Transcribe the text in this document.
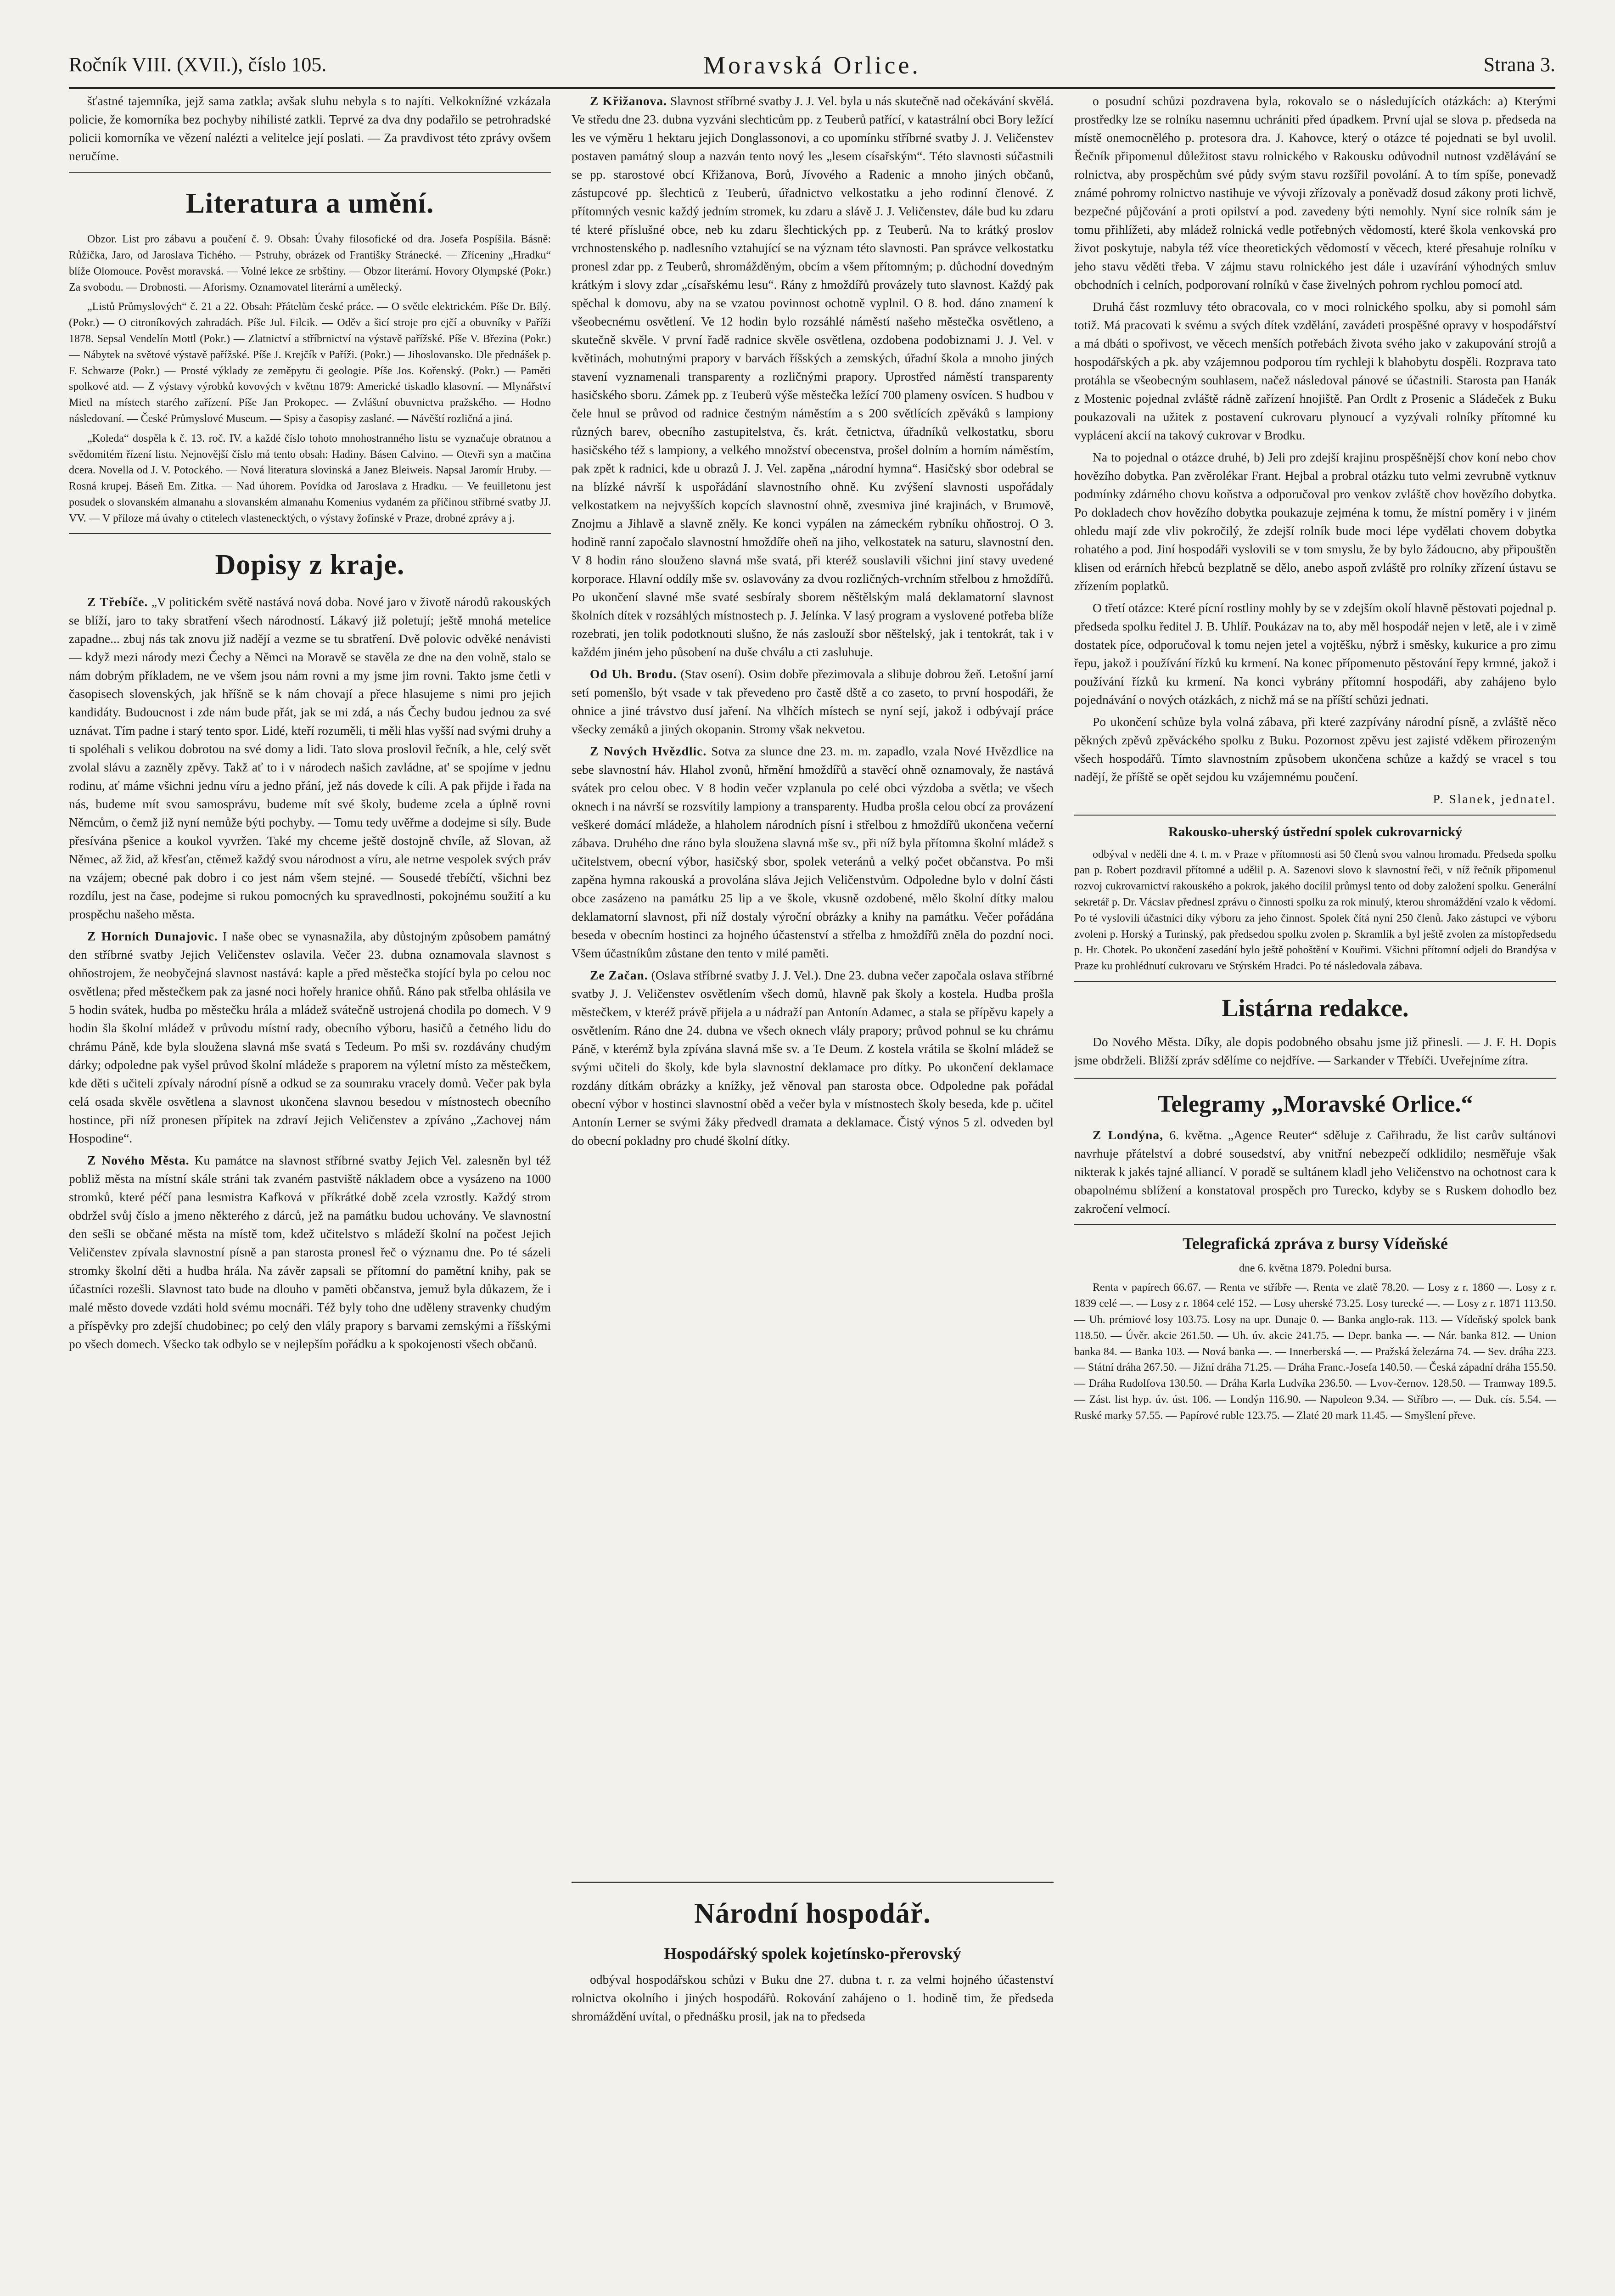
Ročník VIII. (XVII.), číslo 105.	Moravská Orlice.	Strana 3.

šťastné tajemníka, jejž sama zatkla; avšak sluhu nebyla s to najíti. Velkoknížné vzkázala policie, že komorníka bez pochyby nihilisté zatkli. Teprvé za dva dny podařilo se petrohradské policii komorníka ve vězení nalézti a velitelce její poslati. — Za pravdivost této zprávy ovšem neručíme.

Literatura a umění.

Obzor. List pro zábavu a poučení č. 9. Obsah: Úvahy filosofické od dra. Josefa Pospíšila. Básně: Růžička, Jaro, od Jaroslava Tichého. — Pstruhy, obrázek od Františky Stránecké. — Zříceniny „Hradku“ blíže Olomouce. Pověst moravská. — Volné lekce ze srbštiny. — Obzor literární. Hovory Olympské (Pokr.) Za svobodu. — Drobnosti. — Aforismy. Oznamovatel literární a umělecký.

„Listů Průmyslových“ č. 21 a 22. Obsah: Přátelům české práce. — O světle elektrickém. Píše Dr. Bílý. (Pokr.) — O citroníkových zahradách. Píše Jul. Filcik. — Oděv a šicí stroje pro ejčí a obuvníky v Paříži 1878. Sepsal Vendelín Mottl (Pokr.) — Zlatnictví a stříbrnictví na výstavě pařížské. Píše V. Březina (Pokr.) — Nábytek na světové výstavě pařížské. Píše J. Krejčík v Paříži. (Pokr.) — Jihoslovansko. Dle přednášek p. F. Schwarze (Pokr.) — Prosté výklady ze zeměpytu či geologie. Píše Jos. Kořenský. (Pokr.) — Paměti spolkové atd. — Z výstavy výrobků kovových v květnu 1879: Americké tiskadlo klasovní. — Mlynářství Mietl na místech starého zařízení. Píše Jan Prokopec. — Zvláštní obuvnictva pražského. — Hodno následovaní. — České Průmyslové Museum. — Spisy a časopisy zaslané. — Návěští rozličná a jiná.

„Koleda“ dospěla k č. 13. roč. IV. a každé číslo tohoto mnohostranného listu se vyznačuje obratnou a svědomitém řízení listu. Nejnovější číslo má tento obsah: Hadiny. Básen Calvino. — Otevři syn a matčina dcera. Novella od J. V. Potockého. — Nová literatura slovinská a Janez Bleiweis. Napsal Jaromír Hruby. — Rosná krupej. Báseň Em. Zitka. — Nad úhorem. Povídka od Jaroslava z Hradku. — Ve feuilletonu jest posudek o slovanském almanahu a slovanském almanahu Komenius vydaném za příčinou stříbrné svatby JJ. VV. — V příloze má úvahy o ctitelech vlastenecktých, o výstavy žofínské v Praze, drobné zprávy a j.

Dopisy z kraje.

Z Třebíče. „V politickém světě nastává nová doba. Nové jaro v životě národů rakouských se blíží, jaro to taky sbratření všech národností. Lákavý již poletují; ještě mnohá metelice zapadne... zbuj nás tak znovu již nadějí a vezme se tu sbratření. Dvě polovic odvěké nenávisti — když mezi národy mezi Čechy a Němci na Moravě se stavěla ze dne na den volně, stalo se nám dobrým příkladem, ne ve všem jsou nám rovni a my jsme jim rovni. Takto jsme četli v časopisech slovenských, jak hříšně se k nám chovají a přece hlasujeme s nimi pro jejich kandidáty. Budoucnost i zde nám bude přát, jak se mi zdá, a nás Čechy budou jednou za své uznávat. Tím padne i starý tento spor. Lidé, kteří rozuměli, ti měli hlas vyšší nad svými druhy a ti spoléhali s velikou dobrotou na své domy a lidi. Tato slova proslovil řečník, a hle, celý svět zvolal slávu a zazněly zpěvy. Takž ať to i v národech našich zavládne, at' se spojíme v jednu rodinu, ať máme všichni jednu víru a jedno přání, jež nás dovede k cíli. A pak přijde i řada na nás, budeme mít svou samosprávu, budeme mít své školy, budeme zcela a úplně rovni Němcům, o čemž již nyní nemůže býti pochyby. — Tomu tedy uvěřme a dodejme si síly. Bude přesívána pšenice a koukol vyvržen. Také my chceme ještě dostojně chvíle, až Slovan, až Němec, až žid, až křesťan, ctěmež každý svou národnost a víru, ale netrne vespolek svých práv na vzájem; obecné pak dobro i co jest nám všem stejné. — Sousedé třebíčtí, všichni bez rozdílu, jest na čase, podejme si rukou pomocných ku spravedlnosti, pokojnému soužití a ku prospěchu našeho města.

Z Horních Dunajovic. I naše obec se vynasnažila, aby důstojným způsobem památný den stříbrné svatby Jejich Veličenstev oslavila. Večer 23. dubna oznamovala slavnost s ohňostrojem, že neobyčejná slavnost nastává: kaple a před městečka stojící byla po celou noc osvětlena; před městečkem pak za jasné noci hořely hranice ohňů. Ráno pak střelba ohlásila ve 5 hodin svátek, hudba po městečku hrála a mládež svátečně ustrojená chodila po domech. V 9 hodin šla školní mládež v průvodu místní rady, obecního výboru, hasičů a četného lidu do chrámu Páně, kde byla sloužena slavná mše svatá s Tedeum. Po mši sv. rozdávány chudým dárky; odpoledne pak vyšel průvod školní mládeže s praporem na výletní místo za městečkem, kde děti s učiteli zpívaly národní písně a odkud se za soumraku vracely domů. Večer pak byla celá osada skvěle osvětlena a slavnost ukončena slavnou besedou v místnostech obecního hostince, při níž pronesen přípitek na zdraví Jejich Veličenstev a zpíváno „Zachovej nám Hospodine“.

Z Nového Města. Ku památce na slavnost stříbrné svatby Jejich Vel. zalesněn byl též pobliž města na místní skále stráni tak zvaném pastviště nákladem obce a vysázeno na 1000 stromků, které péčí pana lesmistra Kafková v příkrátké době zcela vzrostly. Každý strom obdržel svůj číslo a jmeno některého z dárců, jež na památku budou uchovány. Ve slavnostní den sešli se občané města na místě tom, kdež učitelstvo s mládeží školní na počest Jejich Veličenstev zpívala slavnostní písně a pan starosta pronesl řeč o významu dne. Po té sázeli stromky školní děti a hudba hrála. Na závěr zapsali se přítomní do pamětní knihy, pak se účastníci rozešli. Slavnost tato bude na dlouho v paměti občanstva, jemuž byla důkazem, že i malé město dovede vzdáti hold svému mocnáři. Též byly toho dne uděleny stravenky chudým a příspěvky pro zdejší chudobinec; po celý den vlály prapory s barvami zemskými a říšskými po všech domech. Všecko tak odbylo se v nejlepším pořádku a k spokojenosti všech občanů.

Z Křižanova. Slavnost stříbrné svatby J. J. Vel. byla u nás skutečně nad očekávání skvělá. Ve středu dne 23. dubna vyzváni slechticům pp. z Teuberů patřící, v katastrální obci Bory ležící les ve výměru 1 hektaru jejich Donglassonovi, a co upomínku stříbrné svatby J. J. Veličenstev postaven památný sloup a nazván tento nový les „lesem císařským“. Této slavnosti súčastnili se pp. starostové obcí Křižanova, Borů, Jívového a Radenic a mnoho jiných občanů, zástupcové pp. šlechticů z Teuberů, úřadnictvo velkostatku a jeho rodinní členové. Z přítomných vesnic každý jedním stromek, ku zdaru a slávě J. J. Veličenstev, dále bud ku zdaru té které příslušné obce, neb ku zdaru šlechtických pp. z Teuberů. Na to krátký proslov vrchnostenského p. nadlesního vztahující se na význam této slavnosti. Pan správce velkostatku pronesl zdar pp. z Teuberů, shromážděným, obcím a všem přítomným; p. důchodní dovedným krátkým i slovy zdar „císařskému lesu“. Rány z hmoždířů provázely tuto slavnost. Každý pak spěchal k domovu, aby na se vzatou povinnost ochotně vyplnil. O 8. hod. dáno znamení k všeobecnému osvětlení. Ve 12 hodin bylo rozsáhlé náměstí našeho městečka osvětleno, a skutečně skvěle. V první řadě radnice skvěle osvětlena, ozdobena podobiznami J. J. Vel. v květinách, mohutnými prapory v barvách říšských a zemských, úřadní škola a mnoho jiných stavení vyznamenali transparenty a rozličnými prapory. Uprostřed náměstí transparenty hasičského sboru. Zámek pp. z Teuberů výše městečka ležící 700 plameny osvícen. S hudbou v čele hnul se průvod od radnice čestným náměstím a s 200 světlících zpěváků s lampiony různých barev, obecního zastupitelstva, čs. krát. četnictva, úřadníků velkostatku, sboru hasičského též s lampiony, a velkého množství obecenstva, prošel dolním a horním náměstím, pak zpět k radnici, kde u obrazů J. J. Vel. zapěna „národní hymna“. Hasičský sbor odebral se na blízké návrší k uspořádání slavnostního ohně. Ku zvýšení slavnosti uspořádaly velkostatkem na nejvyšších kopcích slavnostní ohně, zvesmiva jiné krajinách, v Brumově, Znojmu a Jihlavě a slavně zněly. Ke konci vypálen na zámeckém rybníku ohňostroj. O 3. hodině ranní započalo slavnostní hmoždíře oheň na jiho, velkostatek na saturu, slavnostní den. V 8 hodin ráno slouženo slavná mše svatá, při kteréž souslavili všichni jiní stavy uvedené korporace. Hlavní oddíly mše sv. oslavovány za dvou rozličných-vrchním střelbou z hmoždířů. Po ukončení slavné mše svaté sesbíraly sborem něštělským malá deklamatorní slavnost školních dítek v rozsáhlých místnostech p. J. Jelínka. V lasý program a vyslovené potřeba blíže rozebrati, jen tolik podotknouti slušno, že nás zaslouží sbor něštelský, jak i tentokrát, tak i v každém jiném jeho působení na duše chválu a cti zasluhuje.

Od Uh. Brodu. (Stav osení). Osim dobře přezimovala a slibuje dobrou žeň. Letošní jarní setí pomenšlo, být vsade v tak převedeno pro častě dště a co zaseto, to první hospodáři, že ohnice a jiné trávstvo dusí jaření. Na vlhčích místech se nyní sejí, jakož i odbývají práce všecky zemáků a jiných okopanin. Stromy však nekvetou.

Z Nových Hvězdlic. Sotva za slunce dne 23. m. m. zapadlo, vzala Nové Hvězdlice na sebe slavnostní háv. Hlahol zvonů, hřmění hmoždířů a stavěcí ohně oznamovaly, že nastává svátek pro celou obec. V 8 hodin večer vzplanula po celé obci výzdoba a světla; ve všech oknech i na návrší se rozsvítily lampiony a transparenty. Hudba prošla celou obcí za provázení veškeré domácí mládeže, a hlaholem národních písní i střelbou z hmoždířů ukončena večerní zábava. Druhého dne ráno byla sloužena slavná mše sv., při níž byla přítomna školní mládež s učitelstvem, obecní výbor, hasičský sbor, spolek veteránů a velký počet občanstva. Po mši zapěna hymna rakouská a provolána sláva Jejich Veličenstvům. Odpoledne bylo v dolní části obce zasázeno na památku 25 lip a ve škole, vkusně ozdobené, mělo školní dítky malou deklamatorní slavnost, při níž dostaly výroční obrázky a knihy na památku. Večer pořádána beseda v obecním hostinci za hojného účastenství a střelba z hmoždířů zněla do pozdní noci. Všem účastníkům zůstane den tento v milé paměti.

Ze Začan. (Oslava stříbrné svatby J. J. Vel.). Dne 23. dubna večer započala oslava stříbrné svatby J. J. Veličenstev osvětlením všech domů, hlavně pak školy a kostela. Hudba prošla městečkem, v kteréž právě přijela a u nádraží pan Antonín Adamec, a stala se přípěvu kapely a osvětlením. Ráno dne 24. dubna ve všech oknech vlály prapory; průvod pohnul se ku chrámu Páně, v kterémž byla zpívána slavná mše sv. a Te Deum. Z kostela vrátila se školní mládež se svými učiteli do školy, kde byla slavnostní deklamace pro dítky. Po ukončení deklamace rozdány dítkám obrázky a knížky, jež věnoval pan starosta obce. Odpoledne pak pořádal obecní výbor v hostinci slavnostní oběd a večer byla v místnostech školy beseda, kde p. učitel Antonín Lerner se svými žáky předvedl dramata a deklamace. Čistý výnos 5 zl. odveden byl do obecní pokladny pro chudé školní dítky.

Národní hospodář.

Hospodářský spolek kojetínsko-přerovský

odbýval hospodářskou schůzi v Buku dne 27. dubna t. r. za velmi hojného účastenství rolnictva okolního i jiných hospodářů. Rokování zahájeno o 1. hodině tim, že předseda shromáždění uvítal, o přednášku prosil, jak na to předseda

o posudní schůzi pozdravena byla, rokovalo se o následujících otázkách: a) Kterými prostředky lze se rolníku nasemnu uchrániti před úpadkem. První ujal se slova p. předseda na místě onemocnělého p. protesora dra. J. Kahovce, který o otázce té pojednati se byl uvolil. Řečník připomenul důležitost stavu rolnického v Rakousku odůvodnil nutnost vzdělávání se rolnictva, aby prospěchům své půdy svým stavu rozšířil povolání. A to tím spíše, ponevadž známé pohromy rolnictvo nastihuje ve vývoji zřízovaly a poněvadž dosud zákony proti lichvě, bezpečné půjčování a proti opilství a pod. zavedeny býti nemohly. Nyní sice rolník sám je tomu přihlížeti, aby mládež rolnická vedle potřebných vědomostí, které škola venkovská pro život poskytuje, nabyla též více theoretických vědomostí v věcech, které přesahuje rolníku v jeho stavu věděti třeba. V zájmu stavu rolnického jest dále i uzavírání výhodných smluv obchodních i celních, podporovaní rolníků v čase živelných pohrom rychlou pomocí atd.

Druhá část rozmluvy této obracovala, co v moci rolnického spolku, aby si pomohl sám totiž. Má pracovati k svému a svých dítek vzdělání, zavádeti prospěšné opravy v hospodářství a má dbáti o spořivost, ve věcech menších potřebách života svého jako v zakupování strojů a hospodářských a pk. aby vzájemnou podporou tím rychleji k blahobytu dospěli. Rozprava tato protáhla se všeobecným souhlasem, načež následoval pánové se účastnili. Starosta pan Hanák z Mostenic pojednal zvláště rádně zařízení hnojiště. Pan Ordlt z Prosenic a Sládeček z Buku poukazovali na užitek z postavení cukrovaru plynoucí a vyzývali rolníky přítomné ku vyplácení akcií na takový cukrovar v Brodku.

Na to pojednal o otázce druhé, b) Jeli pro zdejší krajinu prospěšnější chov koní nebo chov hovězího dobytka. Pan zvěrolékar Frant. Hejbal a probral otázku tuto velmi zevrubně vytknuv podmínky zdárného chovu koňstva a odporučoval pro venkov zvláště chov hovězího dobytka. Po dokladech chov hovězího dobytka poukazuje zejména k tomu, že místní poměry i v jiném ohledu mají zde vliv pokročilý, že zdejší rolník bude moci lépe vydělati chovem dobytka rohatého a pod. Jiní hospodáři vyslovili se v tom smyslu, že by bylo žádoucno, aby připouštěn klisen od erárních hřebců bezplatně se dělo, anebo aspoň zvláště pro rolníky zřízení ústavu se zřízením poplatků.

O třetí otázce: Které pícní rostliny mohly by se v zdejším okolí hlavně pěstovati pojednal p. předseda spolku ředitel J. B. Uhlíř. Poukázav na to, aby měl hospodář nejen v letě, ale i v zimě dostatek píce, odporučoval k tomu nejen jetel a vojtěšku, nýbrž i směsky, kukurice a pro zimu řepu, jakož i používání řízků ku krmení. Na konec přípomenuto pěstování řepy krmné, jakož i používání řízků ku krmení. Na konci vybrány přítomní hospodáři, aby zahájeno bylo pojednávání o nových otázkách, z nichž má se na příští schůzi jednati.

Po ukončení schůze byla volná zábava, při které zazpívány národní písně, a zvláště něco pěkných zpěvů zpěváckého spolku z Buku. Pozornost zpěvu jest zajisté vděkem přirozeným všech hospodářů. Tímto slavnostním způsobem ukončena schůze a každý se vracel s tou nadějí, že příště se opět sejdou ku vzájemnému poučení.

P. Slanek, jednatel.

Rakousko-uherský ústřední spolek cukrovarnický

odbýval v neděli dne 4. t. m. v Praze v přítomnosti asi 50 členů svou valnou hromadu. Předseda spolku pan p. Robert pozdravil přítomné a udělil p. A. Sazenovi slovo k slavnostní řeči, v níž řečník připomenul rozvoj cukrovarnictví rakouského a pokrok, jakého docílil průmysl tento od doby založení spolku. Generální sekretář p. Dr. Vácslav přednesl zprávu o činnosti spolku za rok minulý, kterou shromáždění vzalo k vědomí. Po té vyslovili účastníci díky výboru za jeho činnost. Spolek čítá nyní 250 členů. Jako zástupci ve výboru zvoleni p. Horský a Turinský, pak předsedou spolku zvolen p. Skramlík a byl ještě zvolen za místopředsedu p. Hr. Chotek. Po ukončení zasedání bylo ještě pohoštění v Kouřimi. Všichni přítomní odjeli do Brandýsa v Praze ku prohlédnutí cukrovaru ve Stýrském Hradci. Po té následovala zábava.

Listárna redakce.

Do Nového Města. Díky, ale dopis podobného obsahu jsme již přinesli. — J. F. H. Dopis jsme obdrželi. Bližší zpráv sdělíme co nejdříve. — Sarkander v Třebíči. Uveřejníme zítra.

Telegramy „Moravské Orlice.“

Z Londýna, 6. května. „Agence Reuter“ sděluje z Cařihradu, že list carův sultánovi navrhuje přátelství a dobré sousedství, aby vnitřní nebezpečí odklidilo; nesměřuje však nikterak k jakés tajné alliancí. V poradě se sultánem kladl jeho Veličenstvo na ochotnost cara k obapolnému sblížení a konstatoval prospěch pro Turecko, kdyby se s Ruskem dohodlo bez zakročení velmocí.

Telegrafická zpráva z bursy Vídeňské

dne 6. května 1879. Polední bursa.

Renta v papírech 66.67. — Renta ve stříbře —. Renta ve zlatě 78.20. — Losy z r. 1860 —. Losy z r. 1839 celé —. — Losy z r. 1864 celé 152. — Losy uherské 73.25. Losy turecké —. — Losy z r. 1871 113.50. — Uh. prémiové losy 103.75. Losy na upr. Dunaje 0. — Banka anglo-rak. 113. — Vídeňský spolek bank 118.50. — Úvěr. akcie 261.50. — Uh. úv. akcie 241.75. — Depr. banka —. — Nár. banka 812. — Union banka 84. — Banka 103. — Nová banka —. — Innerberská —. — Pražská železárna 74. — Sev. dráha 223. — Státní dráha 267.50. — Jižní dráha 71.25. — Dráha Franc.-Josefa 140.50. — Česká západní dráha 155.50. — Dráha Rudolfova 130.50. — Dráha Karla Ludvíka 236.50. — Lvov-černov. 128.50. — Tramway 189.5. — Zást. list hyp. úv. úst. 106. — Londýn 116.90. — Napoleon 9.34. — Stříbro —. — Duk. cís. 5.54. — Ruské marky 57.55. — Papírové ruble 123.75. — Zlaté 20 mark 11.45. — Smyšlení převe.
